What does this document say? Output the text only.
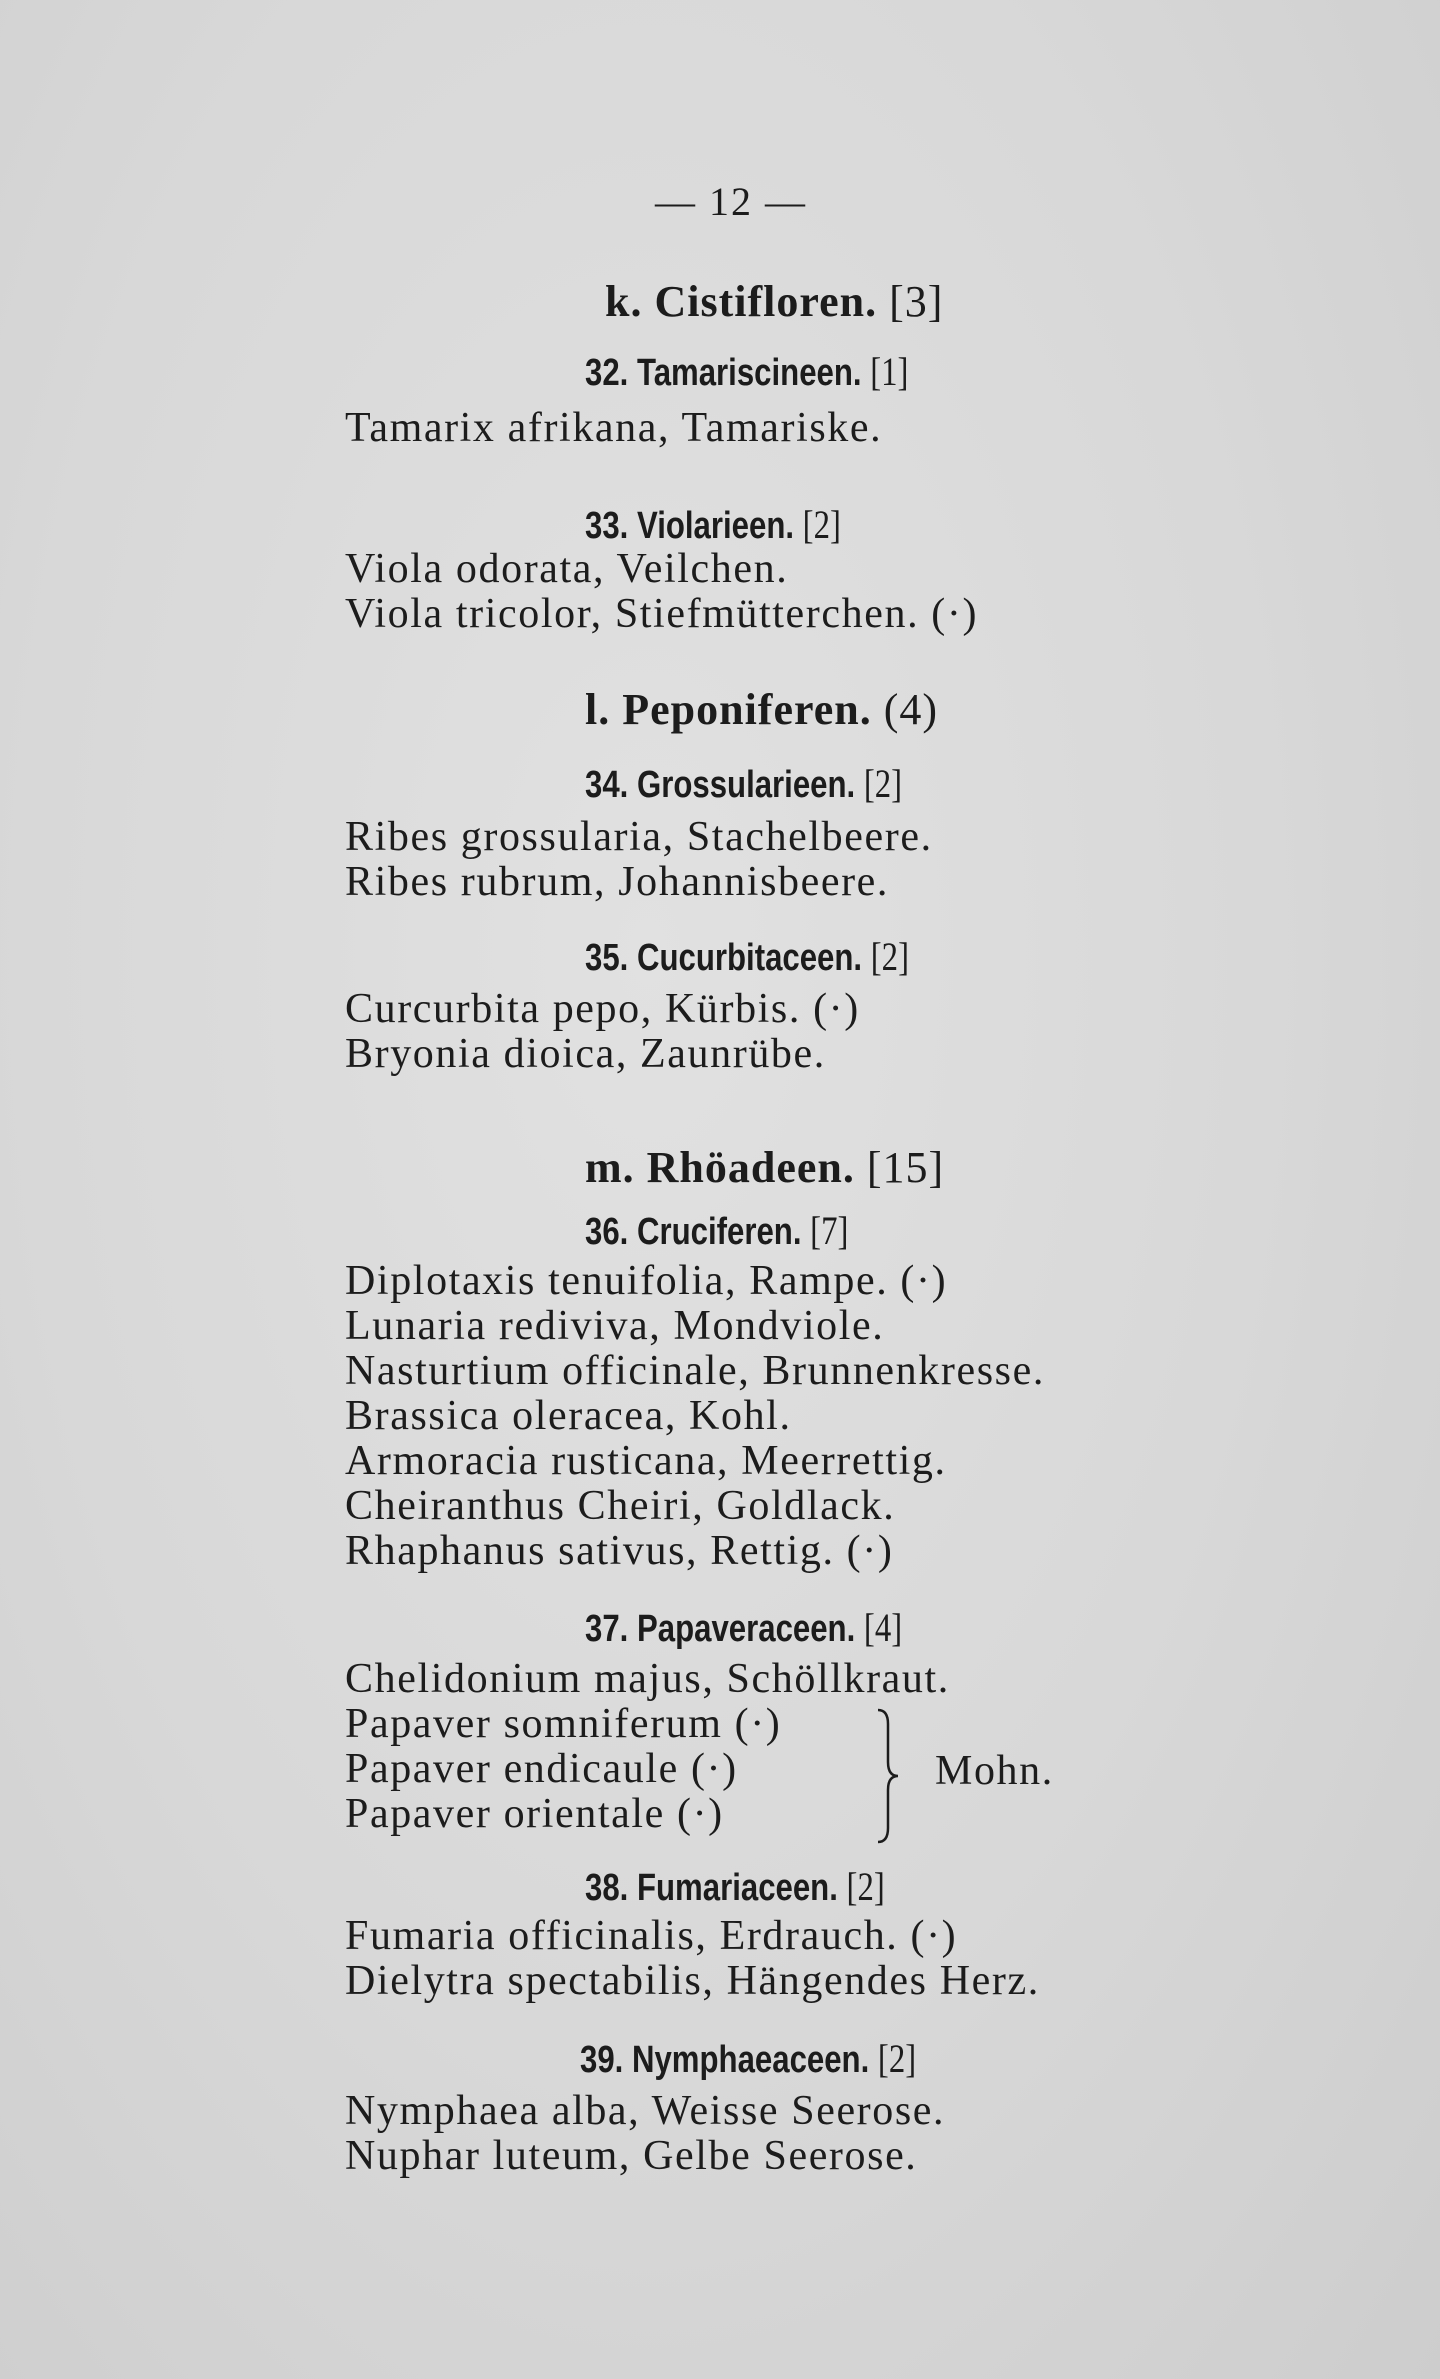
— 12 —
k. Cistifloren. [3]
32. Tamariscineen. [1]
Tamarix afrikana, Tamariske.
33. Violarieen. [2]
Viola odorata, Veilchen.
Viola tricolor, Stiefmütterchen. (·)
l. Peponiferen. (4)
34. Grossularieen. [2]
Ribes grossularia, Stachelbeere.
Ribes rubrum, Johannisbeere.
35. Cucurbitaceen. [2]
Curcurbita pepo, Kürbis. (·)
Bryonia dioica, Zaunrübe.
m. Rhöadeen. [15]
36. Cruciferen. [7]
Diplotaxis tenuifolia, Rampe. (·)
Lunaria rediviva, Mondviole.
Nasturtium officinale, Brunnenkresse.
Brassica oleracea, Kohl.
Armoracia rusticana, Meerrettig.
Cheiranthus Cheiri, Goldlack.
Rhaphanus sativus, Rettig. (·)
37. Papaveraceen. [4]
Chelidonium majus, Schöllkraut.
Papaver somniferum (·)
Papaver endicaule (·)
Papaver orientale (·)
Mohn.
38. Fumariaceen. [2]
Fumaria officinalis, Erdrauch. (·)
Dielytra spectabilis, Hängendes Herz.
39. Nymphaeaceen. [2]
Nymphaea alba, Weisse Seerose.
Nuphar luteum, Gelbe Seerose.
